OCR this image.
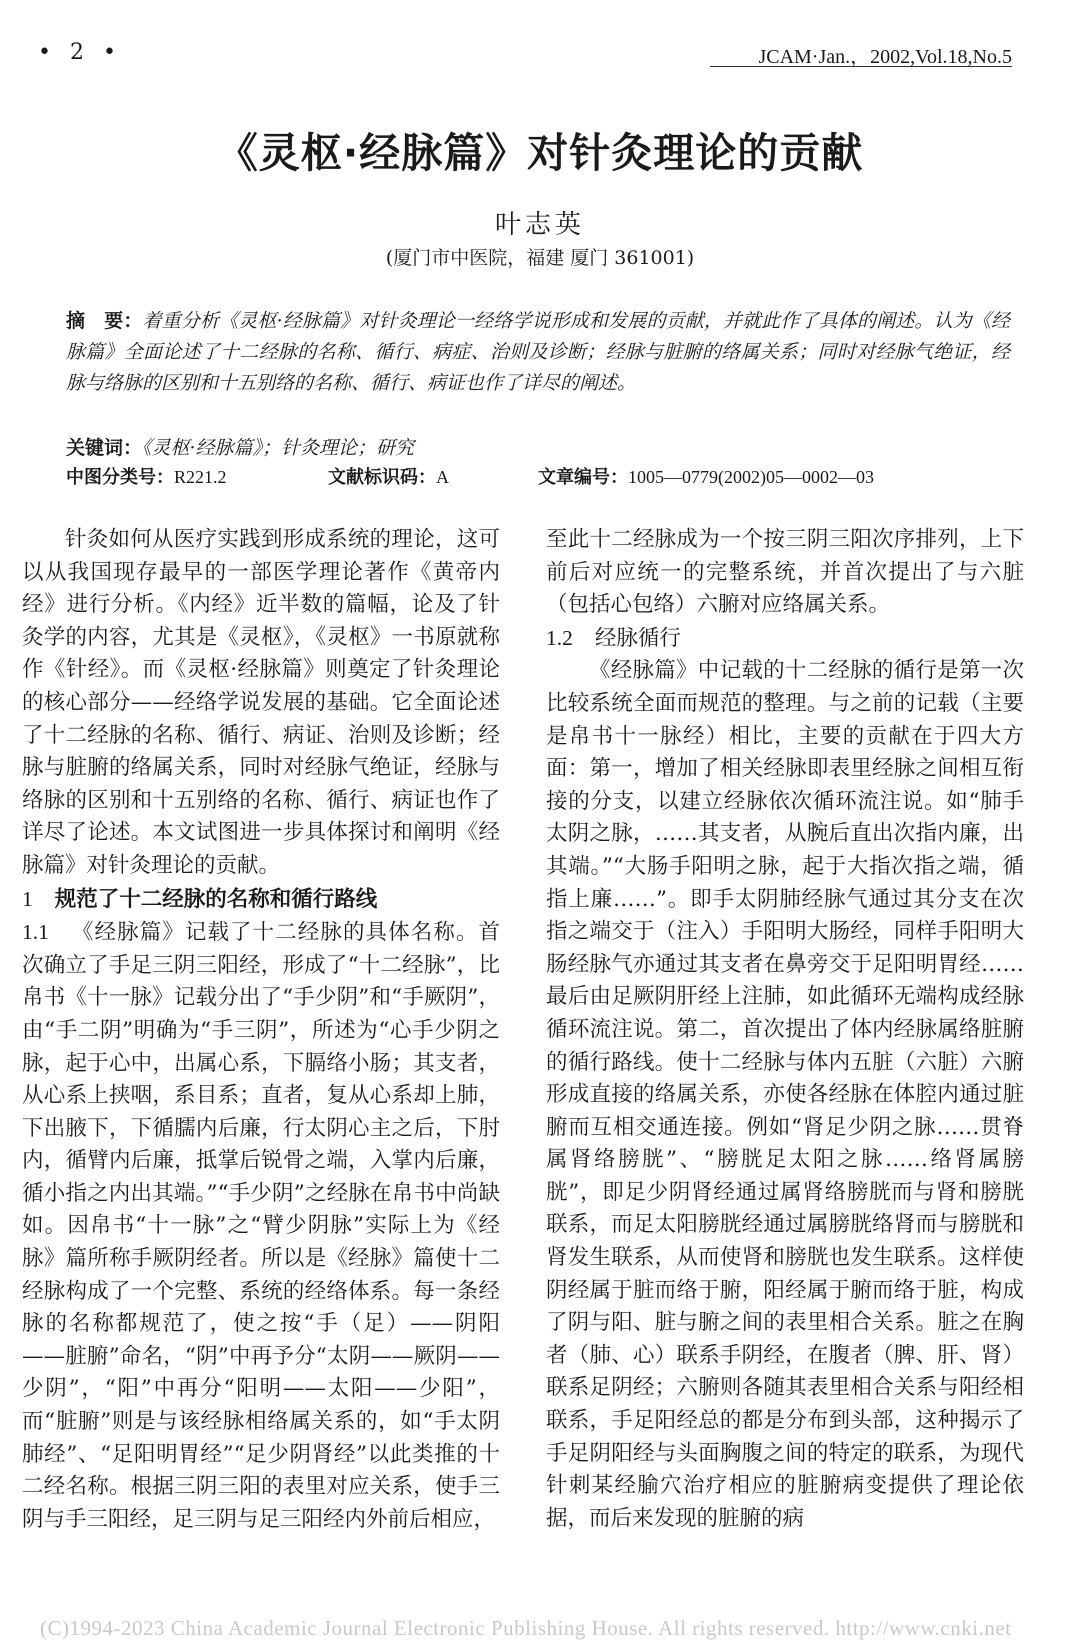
• 2 •	JCAM·Jan.，2002,Vol.18,No.5
《灵枢·经脉篇》对针灸理论的贡献
叶志英
(厦门市中医院，福建 厦门 361001)
摘　要：着重分析《灵枢·经脉篇》对针灸理论一经络学说形成和发展的贡献，并就此作了具体的阐述。认为《经脉篇》全面论述了十二经脉的名称、循行、病症、治则及诊断；经脉与脏腑的络属关系；同时对经脉气绝证，经脉与络脉的区别和十五别络的名称、循行、病证也作了详尽的阐述。
关键词：《灵枢·经脉篇》；针灸理论；研究
中图分类号：R221.2	文献标识码：A	文章编号：1005—0779(2002)05—0002—03

针灸如何从医疗实践到形成系统的理论，这可以从我国现存最早的一部医学理论著作《黄帝内经》进行分析。《内经》近半数的篇幅，论及了针灸学的内容，尤其是《灵枢》，《灵枢》一书原就称作《针经》。而《灵枢·经脉篇》则奠定了针灸理论的核心部分——经络学说发展的基础。它全面论述了十二经脉的名称、循行、病证、治则及诊断；经脉与脏腑的络属关系，同时对经脉气绝证，经脉与络脉的区别和十五别络的名称、循行、病证也作了详尽了论述。本文试图进一步具体探讨和阐明《经脉篇》对针灸理论的贡献。

1 规范了十二经脉的名称和循行路线

1.1 《经脉篇》记载了十二经脉的具体名称。首次确立了手足三阴三阳经，形成了“十二经脉”，比帛书《十一脉》记载分出了“手少阴”和“手厥阴”，由“手二阴”明确为“手三阴”，所述为“心手少阴之脉，起于心中，出属心系，下膈络小肠；其支者，从心系上挟咽，系目系；直者，复从心系却上肺，下出腋下，下循臑内后廉，行太阴心主之后，下肘内，循臂内后廉，抵掌后锐骨之端，入掌内后廉，循小指之内出其端。”“手少阴”之经脉在帛书中尚缺如。因帛书“十一脉”之“臂少阴脉”实际上为《经脉》篇所称手厥阴经者。所以是《经脉》篇使十二经脉构成了一个完整、系统的经络体系。每一条经脉的名称都规范了，使之按“手（足）——阴阳——脏腑”命名，“阴”中再予分“太阴——厥阴——少阴”，“阳”中再分“阳明——太阳——少阳”，而“脏腑”则是与该经脉相络属关系的，如“手太阴肺经”、“足阳明胃经”“足少阴肾经”以此类推的十二经名称。根据三阴三阳的表里对应关系，使手三阴与手三阳经，足三阴与足三阳经内外前后相应，

至此十二经脉成为一个按三阴三阳次序排列，上下前后对应统一的完整系统，并首次提出了与六脏（包括心包络）六腑对应络属关系。

1.2 经脉循行

《经脉篇》中记载的十二经脉的循行是第一次比较系统全面而规范的整理。与之前的记载（主要是帛书十一脉经）相比，主要的贡献在于四大方面：第一，增加了相关经脉即表里经脉之间相互衔接的分支，以建立经脉依次循环流注说。如“肺手太阴之脉，……其支者，从腕后直出次指内廉，出其端。”“大肠手阳明之脉，起于大指次指之端，循指上廉……”。即手太阴肺经脉气通过其分支在次指之端交于（注入）手阳明大肠经，同样手阳明大肠经脉气亦通过其支者在鼻旁交于足阳明胃经……最后由足厥阴肝经上注肺，如此循环无端构成经脉循环流注说。第二，首次提出了体内经脉属络脏腑的循行路线。使十二经脉与体内五脏（六脏）六腑形成直接的络属关系，亦使各经脉在体腔内通过脏腑而互相交通连接。例如“肾足少阴之脉……贯脊属肾络膀胱”、“膀胱足太阳之脉……络肾属膀胱”，即足少阴肾经通过属肾络膀胱而与肾和膀胱联系，而足太阳膀胱经通过属膀胱络肾而与膀胱和肾发生联系，从而使肾和膀胱也发生联系。这样使阴经属于脏而络于腑，阳经属于腑而络于脏，构成了阴与阳、脏与腑之间的表里相合关系。脏之在胸者（肺、心）联系手阴经，在腹者（脾、肝、肾）联系足阴经；六腑则各随其表里相合关系与阳经相联系，手足阳经总的都是分布到头部，这种揭示了手足阴阳经与头面胸腹之间的特定的联系，为现代针刺某经腧穴治疗相应的脏腑病变提供了理论依据，而后来发现的脏腑的病

(C)1994-2023 China Academic Journal Electronic Publishing House. All rights reserved. http://www.cnki.net
